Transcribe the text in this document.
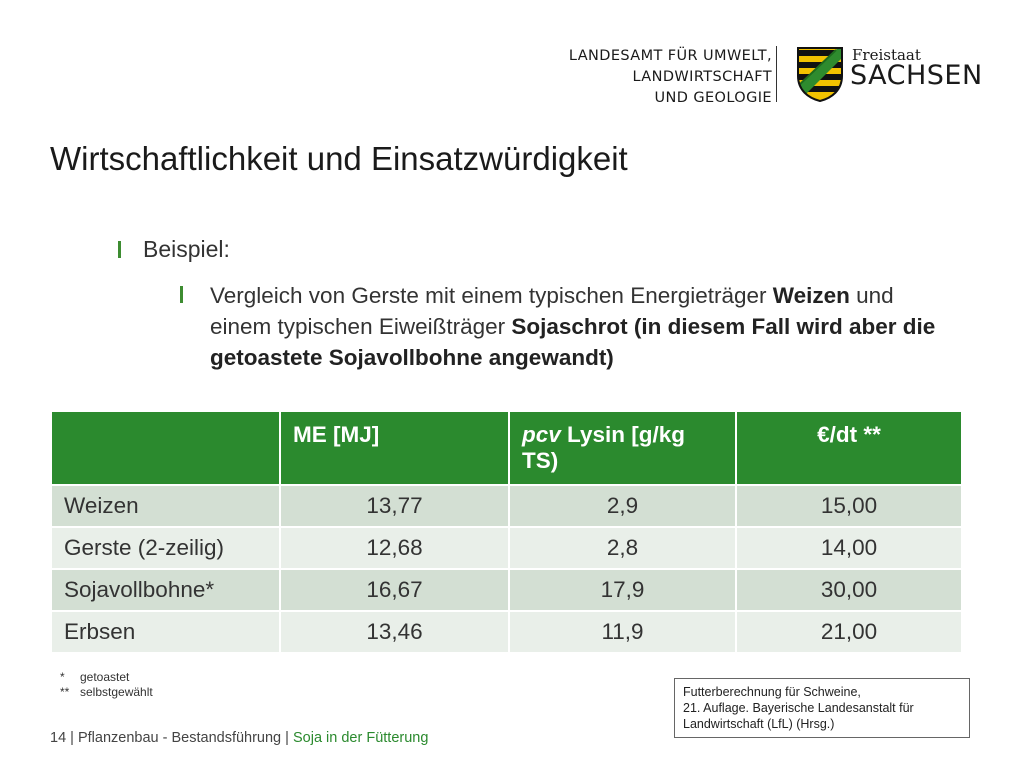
LANDESAMT FÜR UMWELT,
LANDWIRTSCHAFT
UND GEOLOGIE
Freistaat
SACHSEN
Wirtschaftlichkeit und Einsatzwürdigkeit
Beispiel:
Vergleich von Gerste mit einem typischen Energieträger Weizen und einem typischen Eiweißträger Sojaschrot (in diesem Fall wird aber die getoastete Sojavollbohne angewandt)
	ME [MJ]	pcv Lysin [g/kg TS)	€/dt **
Weizen	13,77	2,9	15,00
Gerste (2-zeilig)	12,68	2,8	14,00
Sojavollbohne*	16,67	17,9	30,00
Erbsen	13,46	11,9	21,00
* getoastet
** selbstgewählt	Futterberechnung für Schweine,
21. Auflage. Bayerische Landesanstalt für
Landwirtschaft (LfL) (Hrsg.)
14 | Pflanzenbau - Bestandsführung | Soja in der Fütterung
